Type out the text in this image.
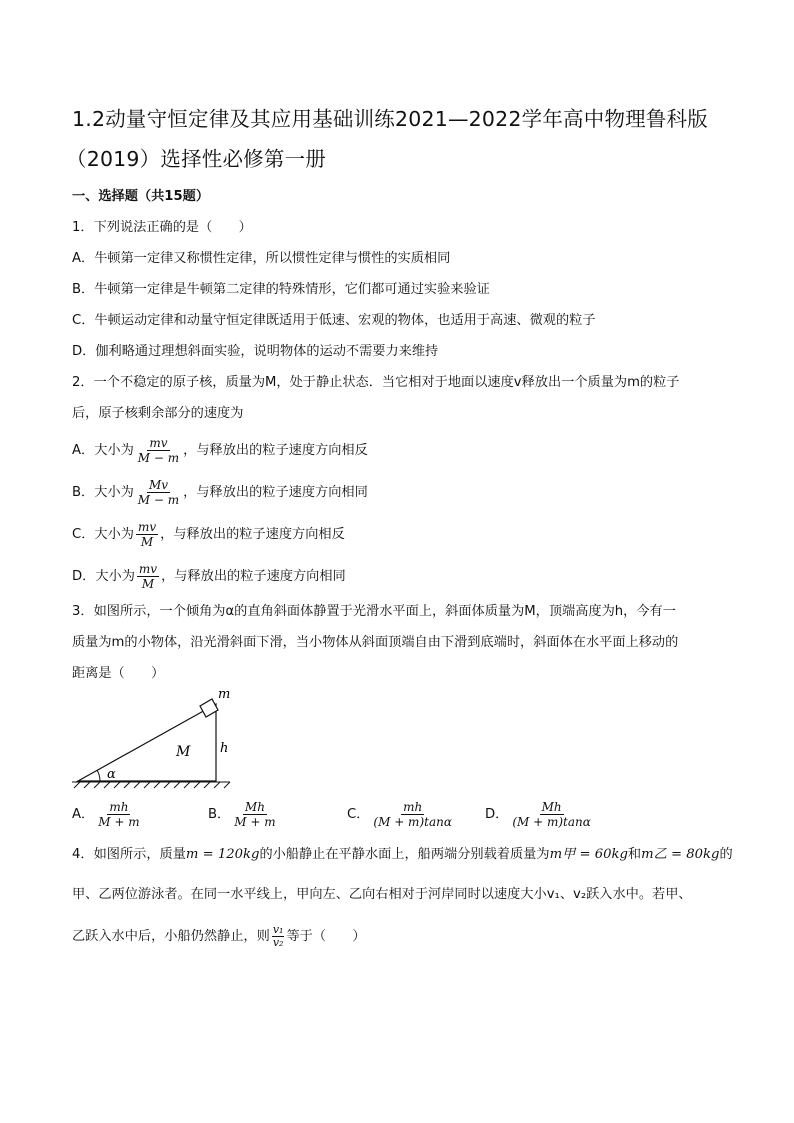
1.2动量守恒定律及其应用基础训练2021—2022学年高中物理鲁科版
（2019）选择性必修第一册
一、选择题（共15题）
1．下列说法正确的是（　　）
A．牛顿第一定律又称惯性定律，所以惯性定律与惯性的实质相同
B．牛顿第一定律是牛顿第二定律的特殊情形，它们都可通过实验来验证
C．牛顿运动定律和动量守恒定律既适用于低速、宏观的物体，也适用于高速、微观的粒子
D．伽利略通过理想斜面实验，说明物体的运动不需要力来维持
2．一个不稳定的原子核，质量为M，处于静止状态．当它相对于地面以速度v释放出一个质量为m的粒子
后，原子核剩余部分的速度为
A．大小为 $\frac{mv}{M - m}$ ，与释放出的粒子速度方向相反
B．大小为 $\frac{Mv}{M - m}$ ，与释放出的粒子速度方向相同
C．大小为 $\frac{mv}{M}$ ，与释放出的粒子速度方向相反
D．大小为 $\frac{mv}{M}$ ，与释放出的粒子速度方向相同
3．如图所示，一个倾角为α的直角斜面体静置于光滑水平面上，斜面体质量为M，顶端高度为h，今有一
质量为m的小物体，沿光滑斜面下滑，当小物体从斜面顶端自由下滑到底端时，斜面体在水平面上移动的
距离是（　　）
m
M h
α
A． $\frac{mh}{M + m}$	B． $\frac{Mh}{M + m}$	C． $\frac{mh}{(M + m)\tan\alpha}$ D． $\frac{Mh}{(M + m)\tan\alpha}$
4．如图所示，质量 m = 120kg 的小船静止在平静水面上，船两端分别载着质量为 m甲 = 60kg 和 m乙 = 80kg 的
甲、乙两位游泳者。在同一水平线上，甲向左、乙向右相对于河岸同时以速度大小v₁、v₂跃入水中。若甲、
乙跃入水中后，小船仍然静止，则 $\frac{\text{v₁}}{\text{v₂}}$ 等于（　　）
